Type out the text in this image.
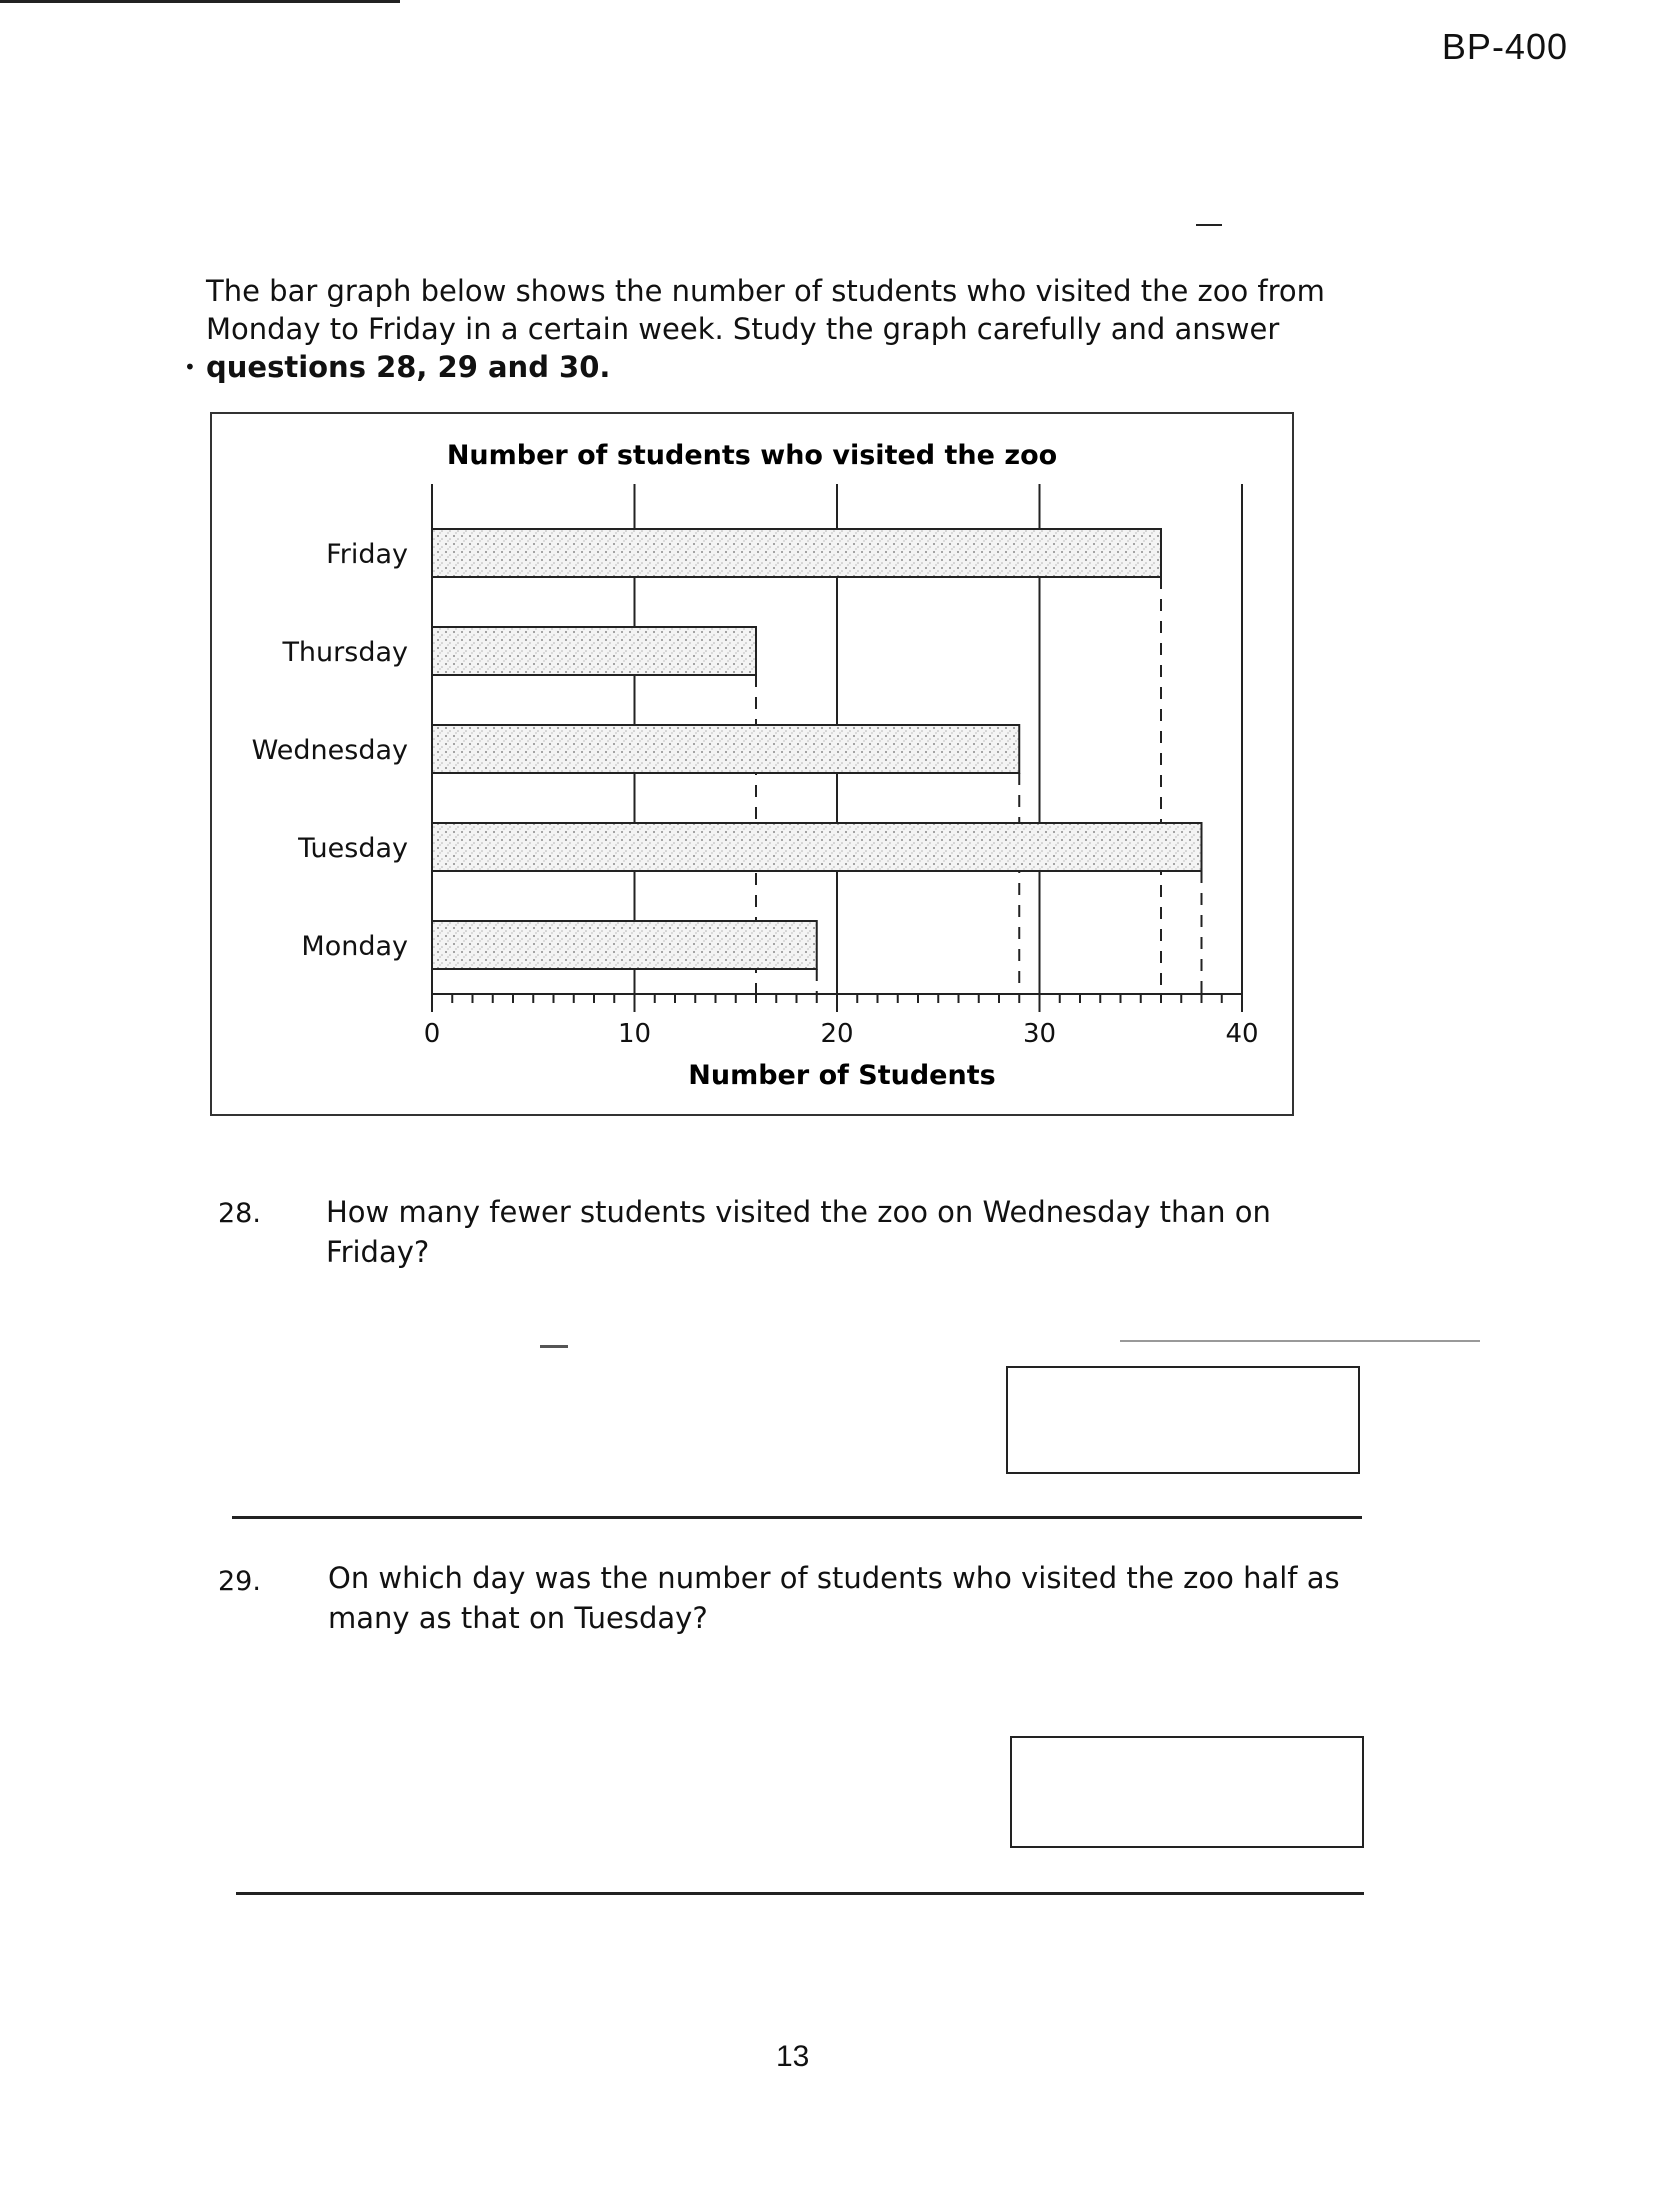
BP-400
•
The bar graph below shows the number of students who visited the zoo from Monday to Friday in a certain week. Study the graph carefully and answer questions 28, 29 and 30.
Number of students who visited the zoo
Number of Students
0	10	20	30	40
Friday
Thursday
Wednesday
Tuesday
Monday
28. How many fewer students visited the zoo on Wednesday than on Friday?
29. On which day was the number of students who visited the zoo half as many as that on Tuesday?
13
